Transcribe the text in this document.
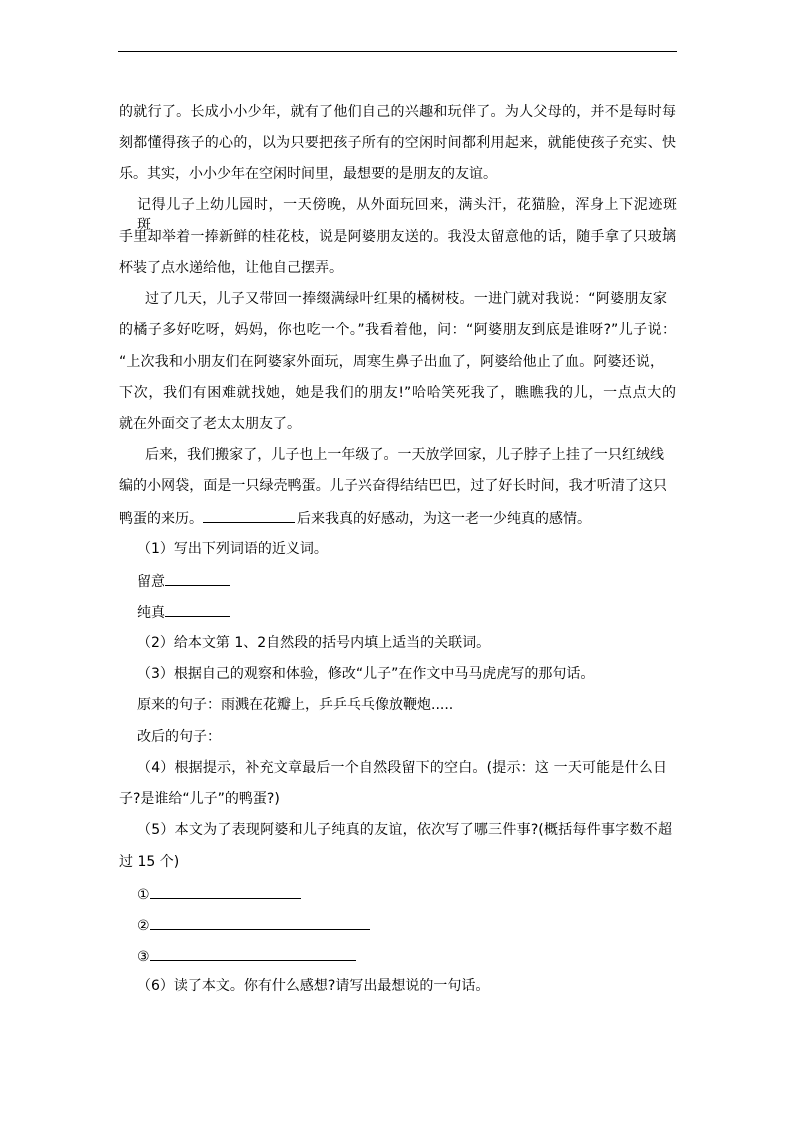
的就行了。长成小小少年，就有了他们自己的兴趣和玩伴了。为人父母的，并不是每时每
刻都懂得孩子的心的，以为只要把孩子所有的空闲时间都利用起来，就能使孩子充实、快
乐。其实，小小少年在空闲时间里，最想要的是朋友的友谊。
记得儿子上幼儿园时，一天傍晚，从外面玩回来，满头汗，花猫脸，浑身上下泥迹斑斑，
手里却举着一捧新鲜的桂花枝，说是阿婆朋友送的。我没太留意他的话，随手拿了只玻璃
杯装了点水递给他，让他自己摆弄。
过了几天，儿子又带回一捧缀满绿叶红果的橘树枝。一进门就对我说：“阿婆朋友家
的橘子多好吃呀，妈妈，你也吃一个。”我看着他，问：“阿婆朋友到底是谁呀?”儿子说：
“上次我和小朋友们在阿婆家外面玩，周寒生鼻子出血了，阿婆给他止了血。阿婆还说，
下次，我们有困难就找她，她是我们的朋友!”哈哈笑死我了，瞧瞧我的儿，一点点大的
就在外面交了老太太朋友了。
后来，我们搬家了，儿子也上一年级了。一天放学回家，儿子脖子上挂了一只红绒线
编的小网袋，面是一只绿壳鸭蛋。儿子兴奋得结结巴巴，过了好长时间，我才听清了这只
鸭蛋的来历。	后来我真的好感动，为这一老一少纯真的感情。
（1）写出下列词语的近义词。
留意
纯真
（2）给本文第 1、2自然段的括号内填上适当的关联词。
（3）根据自己的观察和体验，修改“儿子”在作文中马马虎虎写的那句话。
原来的句子：雨溅在花瓣上，乒乒乓乓像放鞭炮.....
改后的句子：
（4）根据提示，补充文章最后一个自然段留下的空白。(提示：这 一天可能是什么日
子?是谁给“儿子”的鸭蛋?)
（5）本文为了表现阿婆和儿子纯真的友谊，依次写了哪三件事?(概括每件事字数不超
过 15 个)
①
②
③
（6）读了本文。你有什么感想?请写出最想说的一句话。
